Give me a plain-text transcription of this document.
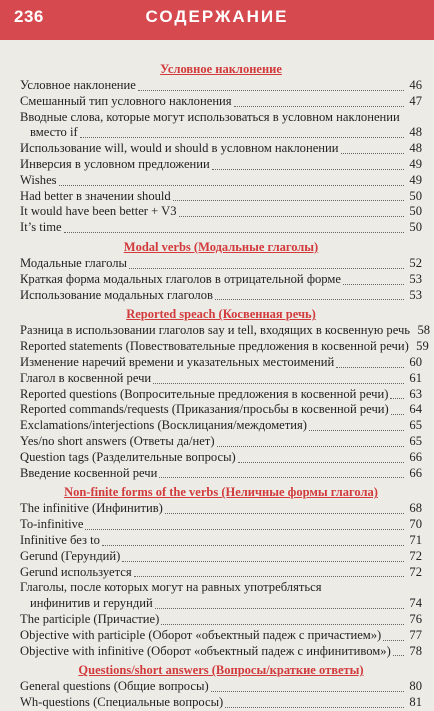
236	СОДЕРЖАНИЕ
Условное наклонение
Условное наклонение	46
Смешанный тип условного наклонения	47
Вводные слова, которые могут использоваться в условном наклонении
вместо if	48
Использование will, would и should в условном наклонении	48
Инверсия в условном предложении	49
Wishes	49
Had better в значении should	50
It would have been better + V3	50
It’s time	50
Modal verbs (Модальные глаголы)
Модальные глаголы	52
Краткая форма модальных глаголов в отрицательной форме	53
Использование модальных глаголов	53
Reported speach (Косвенная речь)
Разница в использовании глаголов say и tell, входящих в косвенную речь 58
Reported statements (Повествовательные предложения в косвенной речи) 59
Изменение наречий времени и указательных местоимений	60
Глагол в косвенной речи	61
Reported questions (Вопросительные предложения в косвенной речи) 63
Reported commands/requests (Приказания/просьбы в косвенной речи) 64
Exclamations/interjections (Восклицания/междометия)	65
Yes/no short answers (Ответы да/нет)	65
Question tags (Разделительные вопросы)	66
Введение косвенной речи	66
Non-finite forms of the verbs (Неличные формы глагола)
The infinitive (Инфинитив)	68
To-infinitive	70
Infinitive без to	71
Gerund (Герундий)	72
Gerund используется	72
Глаголы, после которых могут на равных употребляться
инфинитив и герундий	74
The participle (Причастие)	76
Objective with participle (Оборот «объектный падеж с причастием») 77
Objective with infinitive (Оборот «объектный падеж с инфинитивом») 78
Questions/short answers (Вопросы/краткие ответы)
General questions (Общие вопросы)	80
Wh-questions (Специальные вопросы)	81
